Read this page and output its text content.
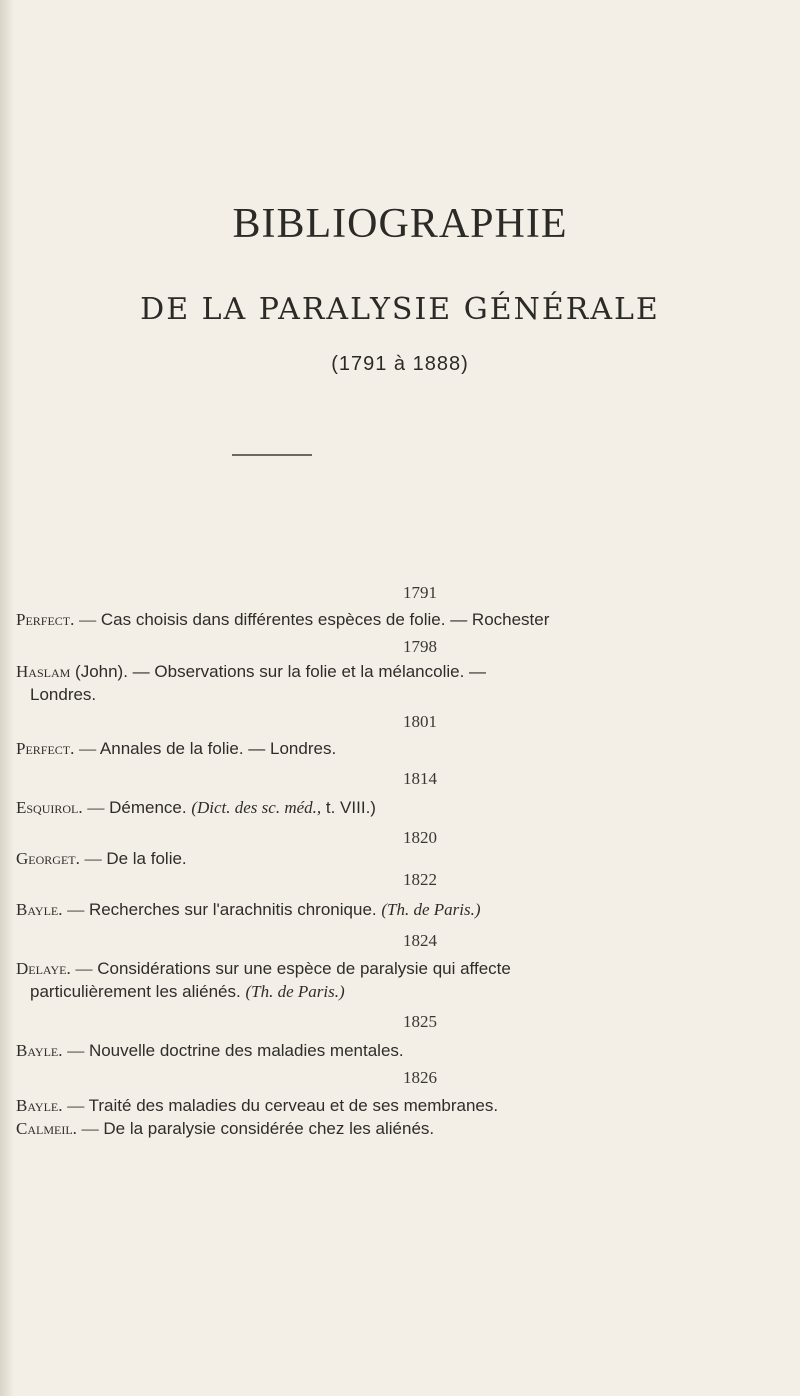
BIBLIOGRAPHIE
DE LA PARALYSIE GÉNÉRALE
(1791 à 1888)
1791
Perfect. — Cas choisis dans différentes espèces de folie. — Rochester
1798
Haslam (John). — Observations sur la folie et la mélancolie. —
Londres.
1801
Perfect. — Annales de la folie. — Londres.
1814
Esquirol. — Démence. (Dict. des sc. méd., t. VIII.)
1820
Georget. — De la folie.
1822
Bayle. — Recherches sur l'arachnitis chronique. (Th. de Paris.)
1824
Delaye. — Considérations sur une espèce de paralysie qui affecte
particulièrement les aliénés. (Th. de Paris.)
1825
Bayle. — Nouvelle doctrine des maladies mentales.
1826
Bayle. — Traité des maladies du cerveau et de ses membranes.
Calmeil. — De la paralysie considérée chez les aliénés.
